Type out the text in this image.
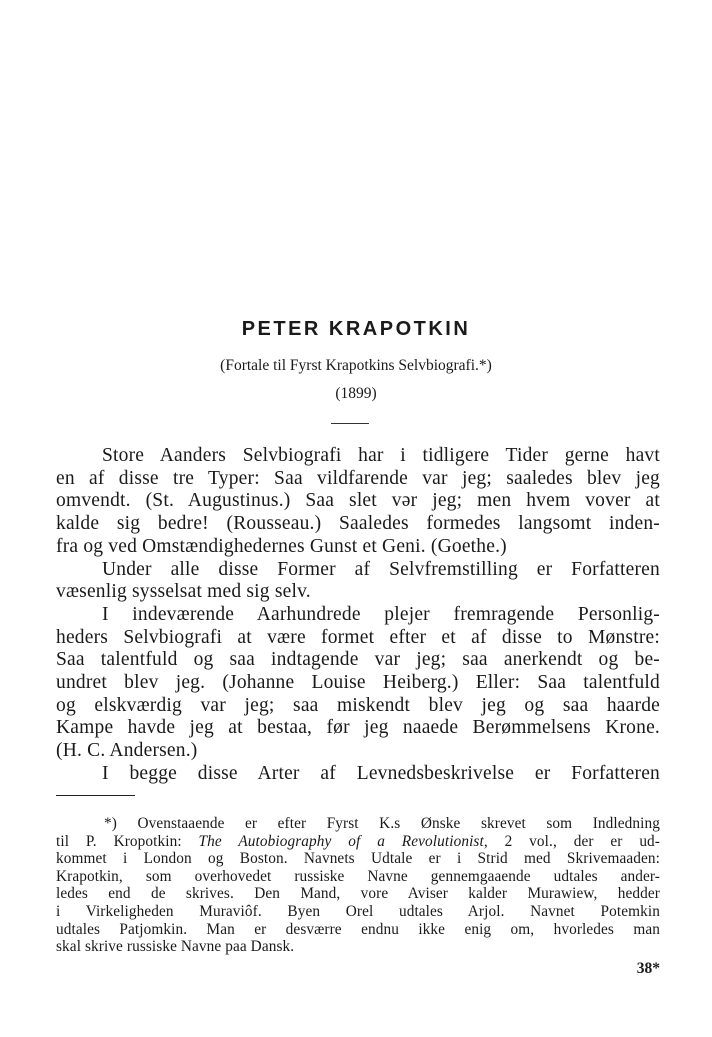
PETER KRAPOTKIN

(Fortale til Fyrst Krapotkins Selvbiografi.*)

(1899)

Store Aanders Selvbiografi har i tidligere Tider gerne havt
en af disse tre Typer: Saa vildfarende var jeg; saaledes blev jeg
omvendt. (St. Augustinus.) Saa slet vər jeg; men hvem vover at
kalde sig bedre! (Rousseau.) Saaledes formedes langsomt inden-
fra og ved Omstændighedernes Gunst et Geni. (Goethe.)
Under alle disse Former af Selvfremstilling er Forfatteren
væsenlig sysselsat med sig selv.
I indeværende Aarhundrede plejer fremragende Personlig-
heders Selvbiografi at være formet efter et af disse to Mønstre:
Saa talentfuld og saa indtagende var jeg; saa anerkendt og be-
undret blev jeg. (Johanne Louise Heiberg.) Eller: Saa talentfuld
og elskværdig var jeg; saa miskendt blev jeg og saa haarde
Kampe havde jeg at bestaa, før jeg naaede Berømmelsens Krone.
(H. C. Andersen.)
I begge disse Arter af Levnedsbeskrivelse er Forfatteren
*) Ovenstaaende er efter Fyrst K.s Ønske skrevet som Indledning
til P. Kropotkin: The Autobiography of a Revolutionist, 2 vol., der er ud-
kommet i London og Boston. Navnets Udtale er i Strid med Skrivemaaden:
Krapotkin, som overhovedet russiske Navne gennemgaaende udtales ander-
ledes end de skrives. Den Mand, vore Aviser kalder Murawiew, hedder
i Virkeligheden Muraviôf. Byen Orel udtales Arjol. Navnet Potemkin
udtales Patjomkin. Man er desværre endnu ikke enig om, hvorledes man
skal skrive russiske Navne paa Dansk.
38*
